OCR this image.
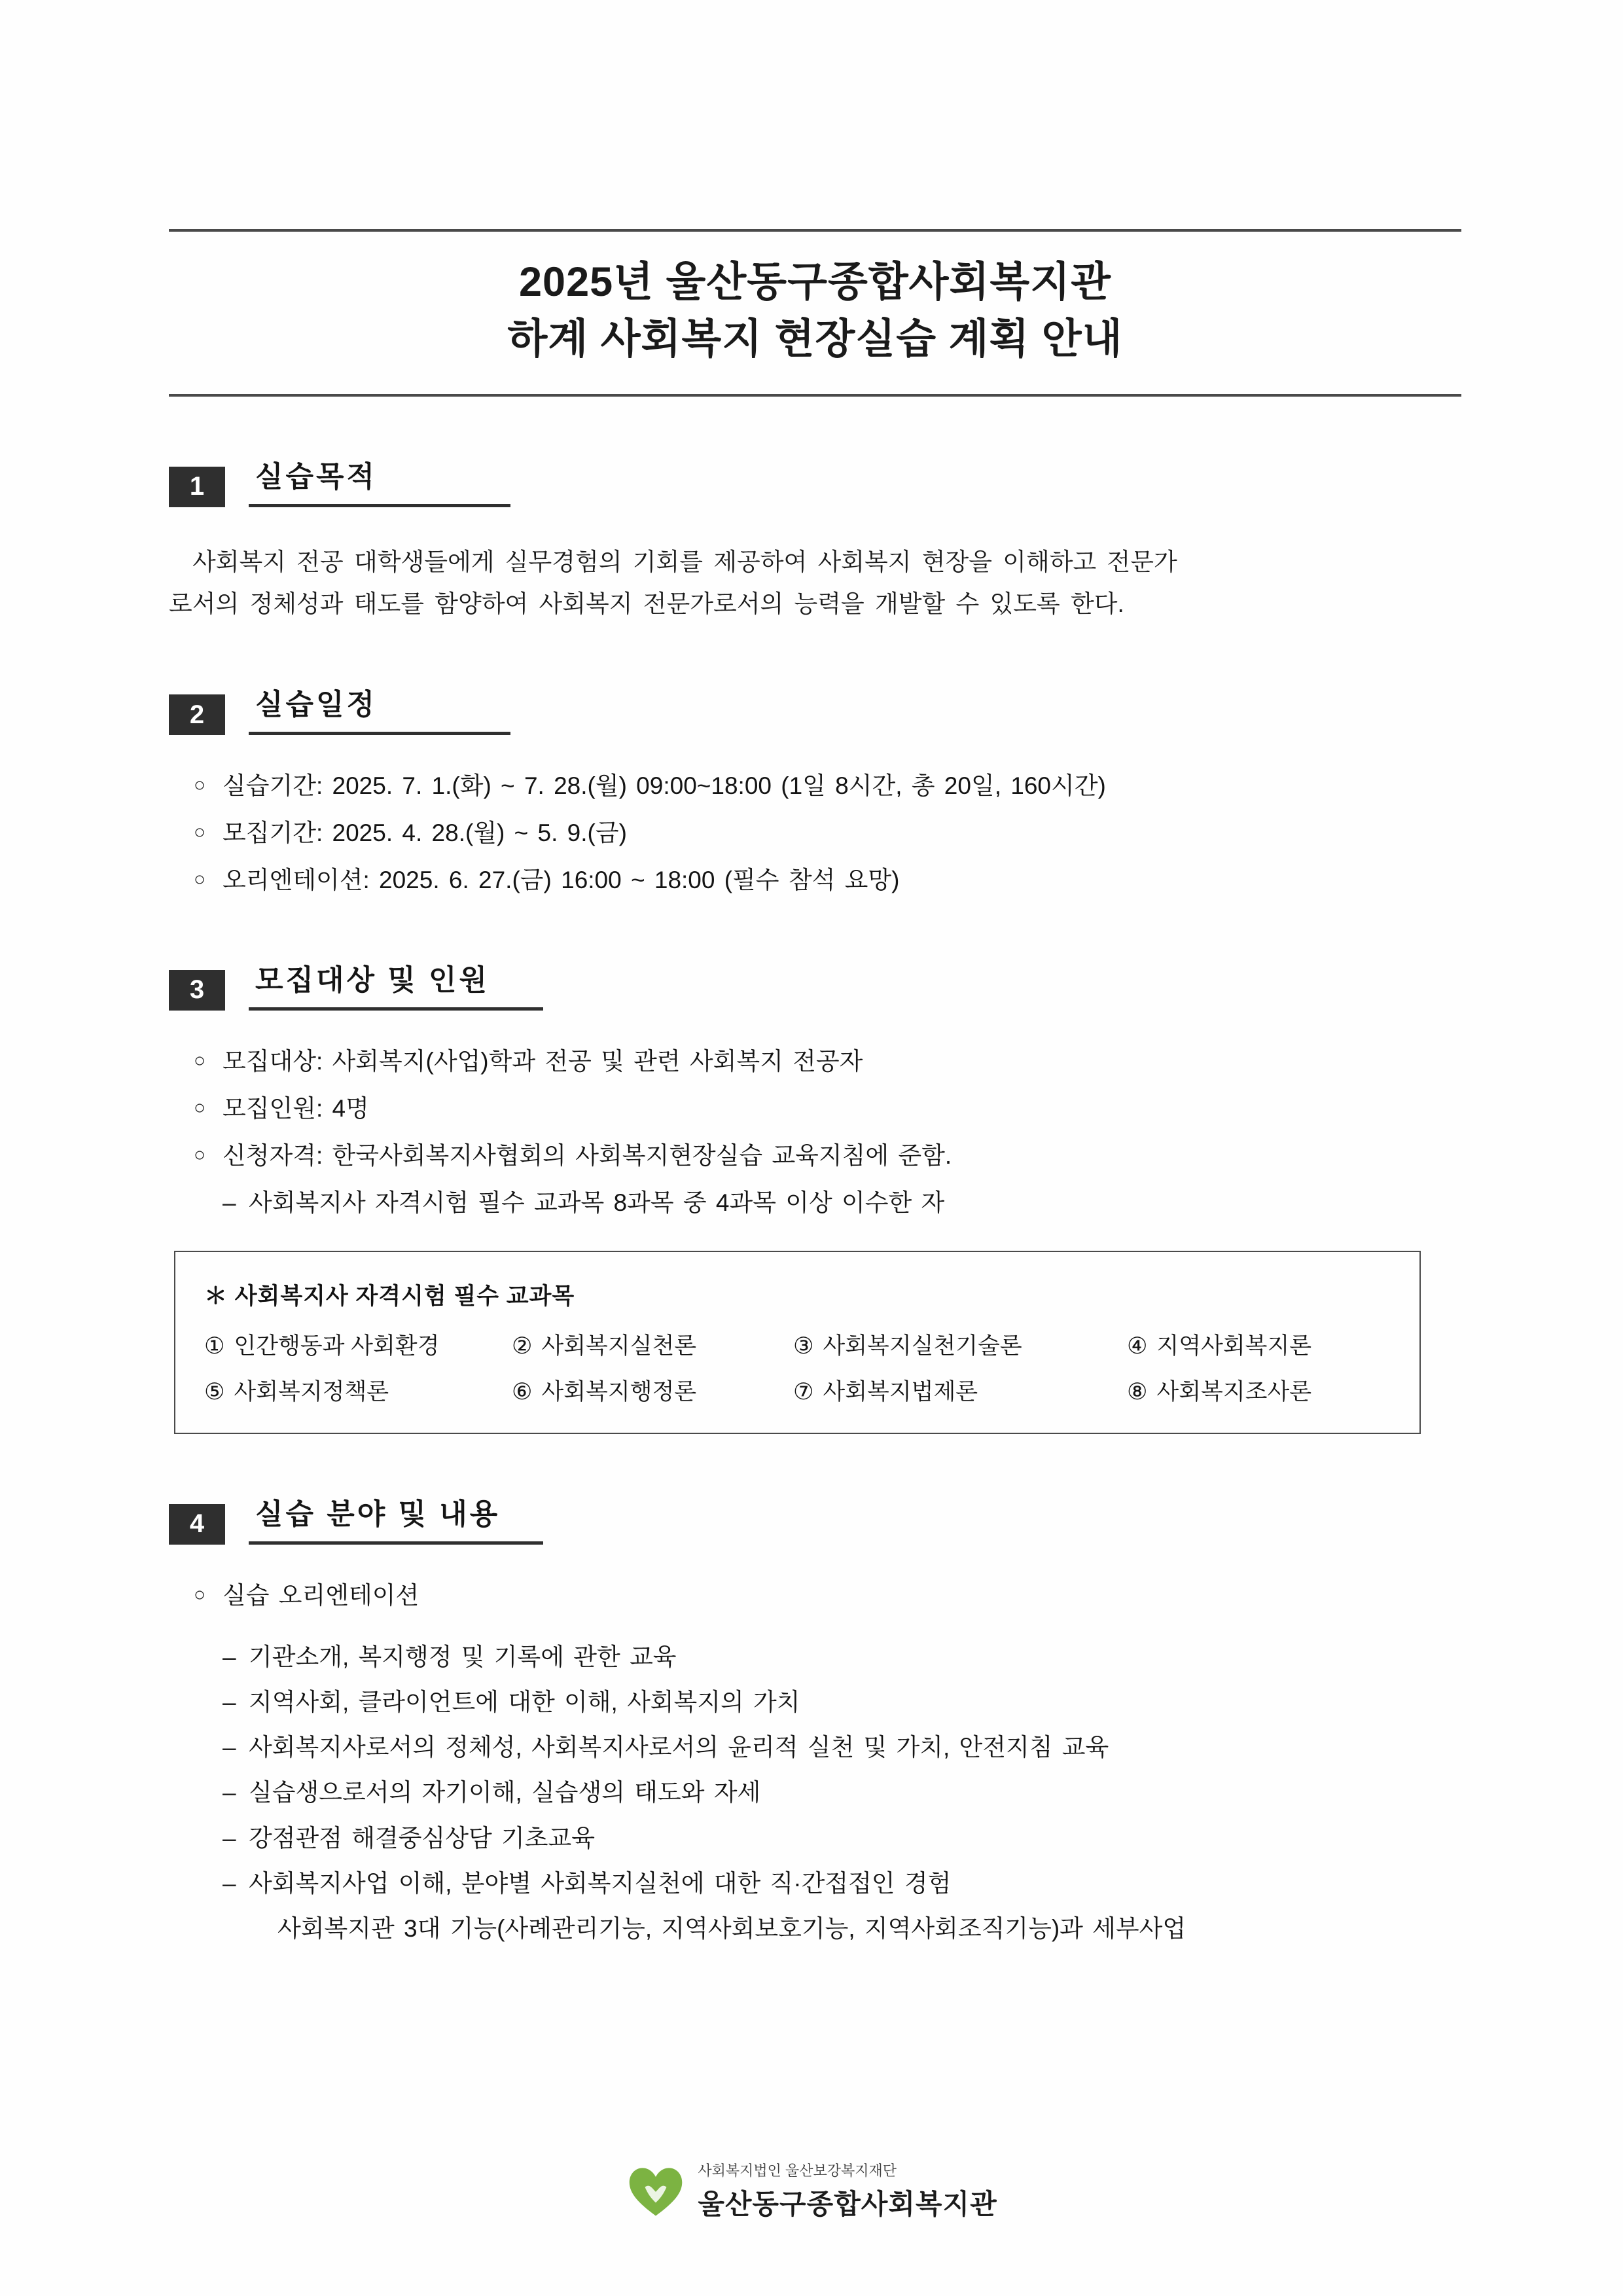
2025년 울산동구종합사회복지관
하계 사회복지 현장실습 계획 안내
1	실습목적
사회복지 전공 대학생들에게 실무경험의 기회를 제공하여 사회복지 현장을 이해하고 전문가
로서의 정체성과 태도를 함양하여 사회복지 전문가로서의 능력을 개발할 수 있도록 한다.
2	실습일정
○ 실습기간: 2025. 7. 1.(화) ~ 7. 28.(월) 09:00~18:00 (1일 8시간, 총 20일, 160시간)
○ 모집기간: 2025. 4. 28.(월) ~ 5. 9.(금)
○ 오리엔테이션: 2025. 6. 27.(금) 16:00 ~ 18:00 (필수 참석 요망)
3	모집대상 및 인원
○ 모집대상: 사회복지(사업)학과 전공 및 관련 사회복지 전공자
○ 모집인원: 4명
○ 신청자격: 한국사회복지사협회의 사회복지현장실습 교육지침에 준함.
– 사회복지사 자격시험 필수 교과목 8과목 중 4과목 이상 이수한 자
＊ 사회복지사 자격시험 필수 교과목
① 인간행동과 사회환경	② 사회복지실천론	③ 사회복지실천기술론	④ 지역사회복지론
⑤ 사회복지정책론	⑥ 사회복지행정론	⑦ 사회복지법제론	⑧ 사회복지조사론
4	실습 분야 및 내용
○ 실습 오리엔테이션
– 기관소개, 복지행정 및 기록에 관한 교육
– 지역사회, 클라이언트에 대한 이해, 사회복지의 가치
– 사회복지사로서의 정체성, 사회복지사로서의 윤리적 실천 및 가치, 안전지침 교육
– 실습생으로서의 자기이해, 실습생의 태도와 자세
– 강점관점 해결중심상담 기초교육
– 사회복지사업 이해, 분야별 사회복지실천에 대한 직·간접접인 경험
사회복지관 3대 기능(사례관리기능, 지역사회보호기능, 지역사회조직기능)과 세부사업
사회복지법인 울산보강복지재단
울산동구종합사회복지관
